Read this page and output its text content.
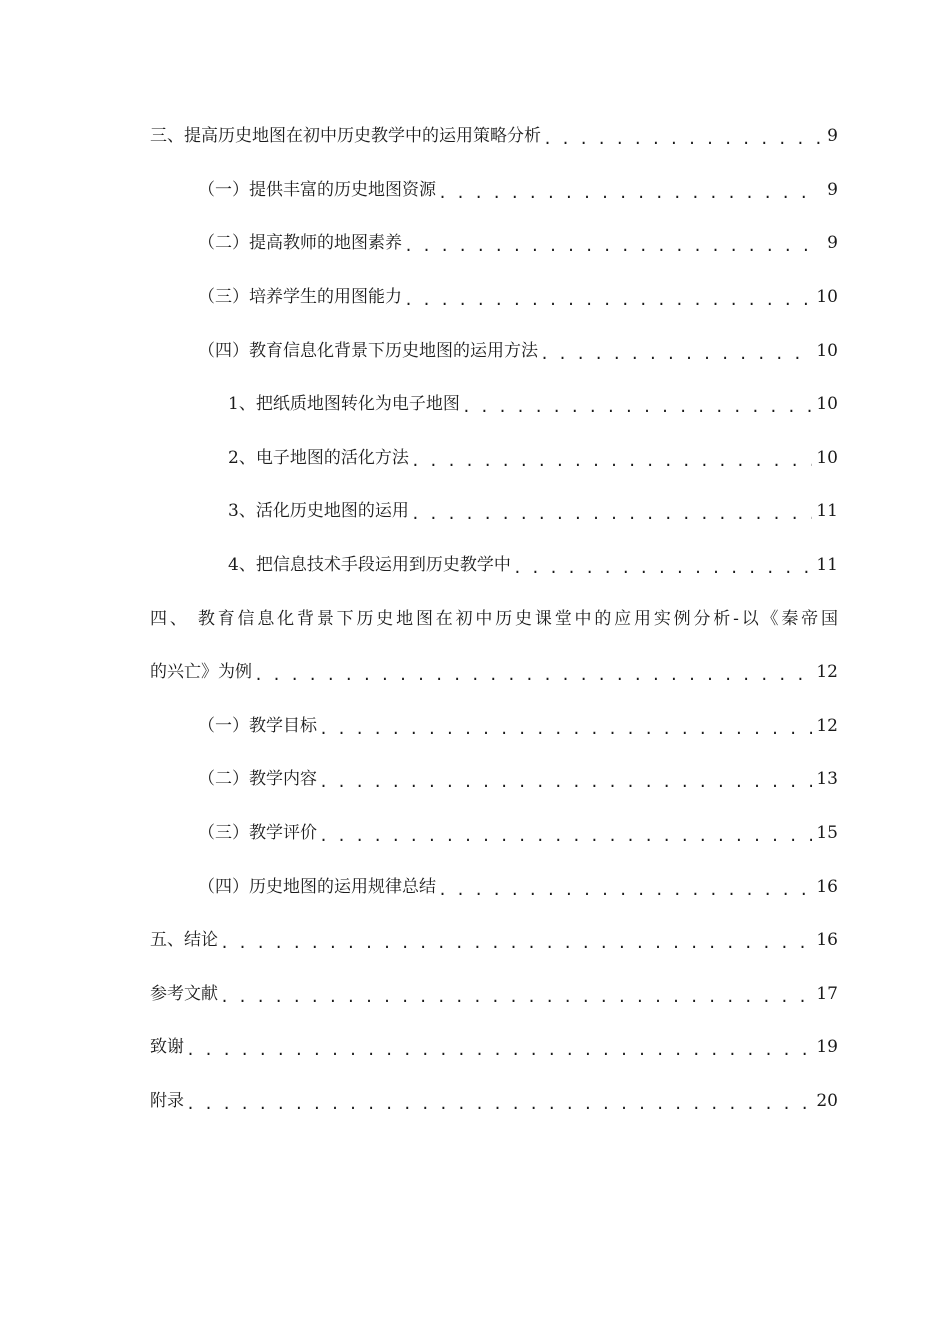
三、提高历史地图在初中历史教学中的运用策略分析 . . .	9
（一）提供丰富的历史地图资源 . . .	9
（二）提高教师的地图素养 . . .	9
（三）培养学生的用图能力 . . .	10
（四）教育信息化背景下历史地图的运用方法 . . .	10
1、把纸质地图转化为电子地图 . . .	10
2、电子地图的活化方法 . . .	10
3、活化历史地图的运用 . . .	11
4、把信息技术手段运用到历史教学中 . . .	11
四、 教育信息化背景下历史地图在初中历史课堂中的应用实例分析-以《秦帝国
的兴亡》为例 . . .	12
（一）教学目标 . . .	12
（二）教学内容 . . .	13
（三）教学评价 . . .	15
（四）历史地图的运用规律总结 . . .	16
五、结论 . . .	16
参考文献 . . .	17
致谢 . . .	19
附录 . . .	20
